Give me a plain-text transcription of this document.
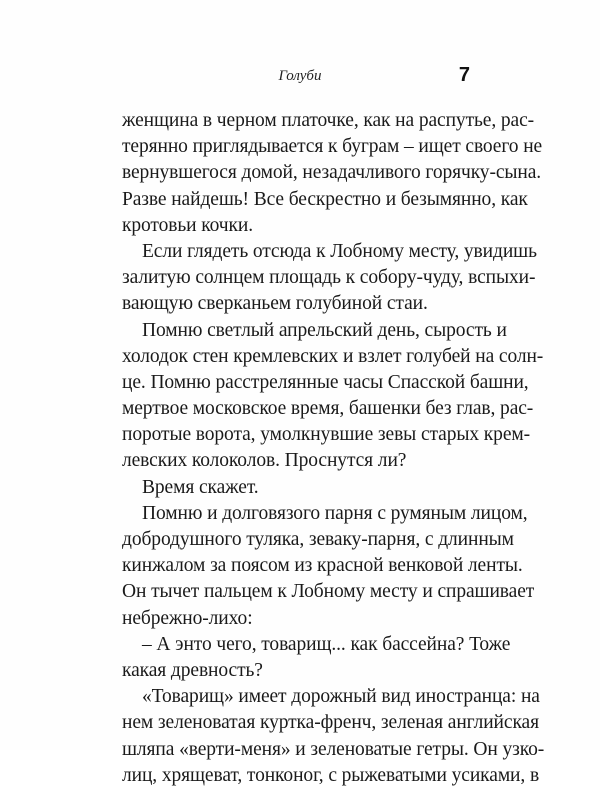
Голуби	7
женщина в черном платочке, как на распутье, рас-
терянно приглядывается к буграм – ищет своего не
вернувшегося домой, незадачливого горячку-сына.
Разве найдешь! Все бескрестно и безымянно, как
кротовьи кочки.
Если глядеть отсюда к Лобному месту, увидишь
залитую солнцем площадь к собору-чуду, вспыхи-
вающую сверканьем голубиной стаи.
Помню светлый апрельский день, сырость и
холодок стен кремлевских и взлет голубей на солн-
це. Помню расстрелянные часы Спасской башни,
мертвое московское время, башенки без глав, рас-
поротые ворота, умолкнувшие зевы старых крем-
левских колоколов. Проснутся ли?
Время скажет.
Помню и долговязого парня с румяным лицом,
добродушного туляка, зеваку-парня, с длинным
кинжалом за поясом из красной венковой ленты.
Он тычет пальцем к Лобному месту и спрашивает
небрежно-лихо:
– А энто чего, товарищ... как бассейна? Тоже
какая древность?
«Товарищ» имеет дорожный вид иностранца: на
нем зеленоватая куртка-френч, зеленая английская
шляпа «верти-меня» и зеленоватые гетры. Он узко-
лиц, хрящеват, тонконог, с рыжеватыми усиками, в
